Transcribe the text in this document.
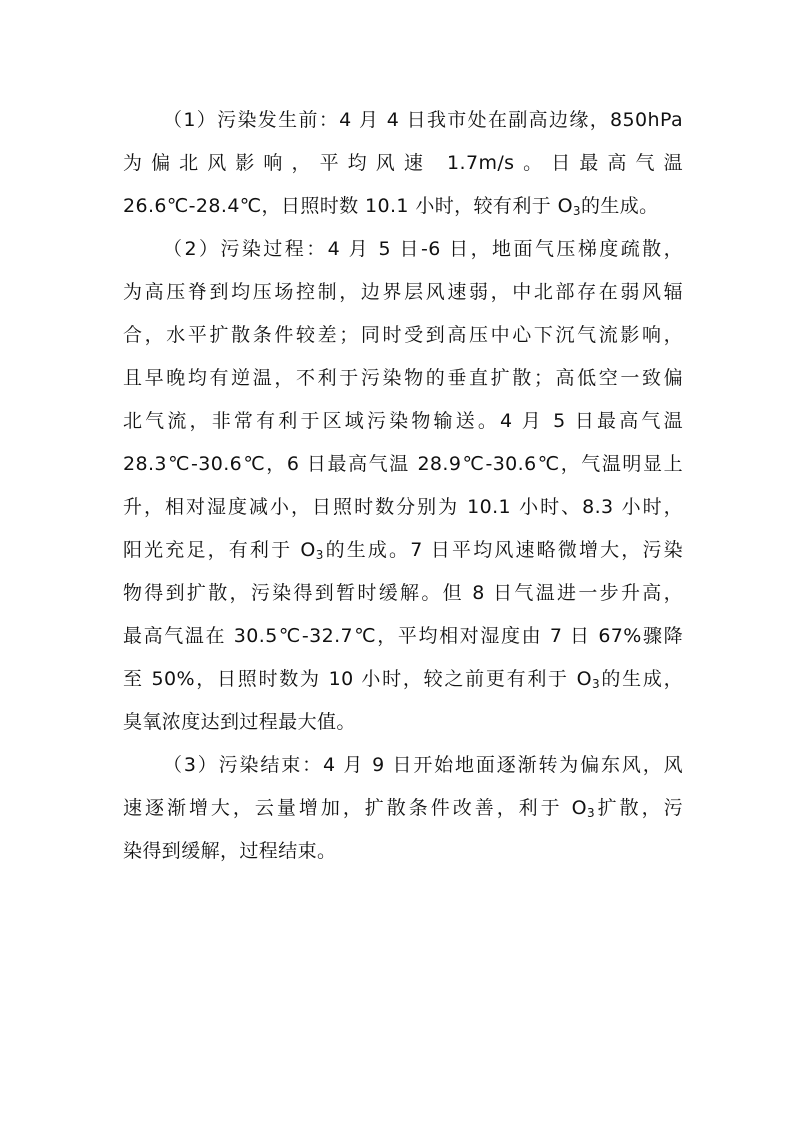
（1）污染发生前：4 月 4 日我市处在副高边缘，850hPa
为偏北风影响，平均风速 1.7m/s。日最高气温
26.6℃-28.4℃，日照时数 10.1 小时，较有利于 $O_3$的生成。
（2）污染过程：4 月 5 日-6 日，地面气压梯度疏散，
为高压脊到均压场控制，边界层风速弱，中北部存在弱风辐
合，水平扩散条件较差；同时受到高压中心下沉气流影响，
且早晚均有逆温，不利于污染物的垂直扩散；高低空一致偏
北气流，非常有利于区域污染物输送。4 月 5 日最高气温
28.3℃-30.6℃，6 日最高气温 28.9℃-30.6℃，气温明显上
升，相对湿度减小，日照时数分别为 10.1 小时、8.3 小时，
阳光充足，有利于 $O_3$的生成。7 日平均风速略微增大，污染
物得到扩散，污染得到暂时缓解。但 8 日气温进一步升高，
最高气温在 30.5℃-32.7℃，平均相对湿度由 7 日 67%骤降
至 50%，日照时数为 10 小时，较之前更有利于 $O_3$的生成，
臭氧浓度达到过程最大值。
（3）污染结束：4 月 9 日开始地面逐渐转为偏东风，风
速逐渐增大，云量增加，扩散条件改善，利于 $O_3$扩散，污
染得到缓解，过程结束。
